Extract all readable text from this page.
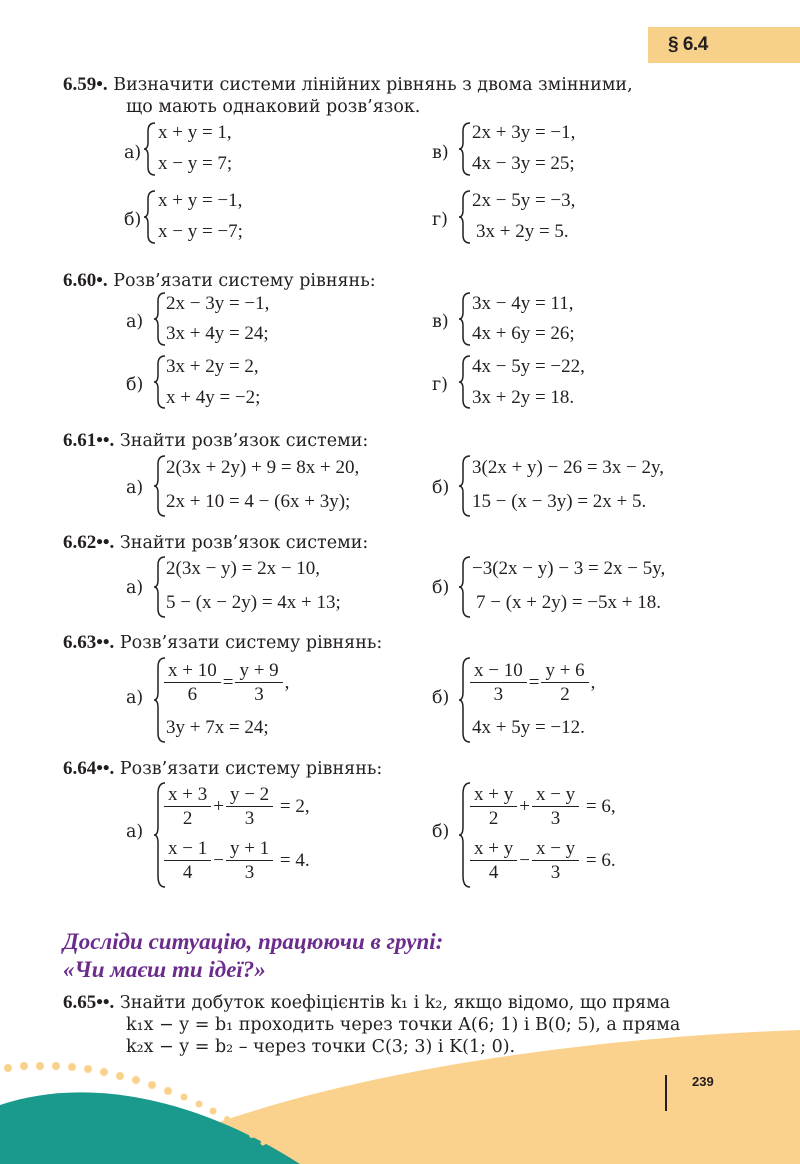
§ 6.4
6.59•. Визначити системи лінійних рівнянь з двома змінними,
що мають однаковий розв’язок.
а)
x + y = 1,
x − y = 7;	в)
2x + 3y = −1,
4x − 3y = 25;
б)
x + y = −1,
x − y = −7;
г)
2x − 5y = −3,
3x + 2y = 5.
6.60•. Розв’язати систему рівнянь:
а)
2x − 3y = −1,
3x + 4y = 24;
в)
3x − 4y = 11,
4x + 6y = 26;
б)
3x + 2y = 2,
x + 4y = −2;
г)
4x − 5y = −22,
3x + 2y = 18.
6.61••. Знайти розв’язок системи:
а)
2(3x + 2y) + 9 = 8x + 20,
2x + 10 = 4 − (6x + 3y);
б)
3(2x + y) − 26 = 3x − 2y,
15 − (x − 3y) = 2x + 5.
6.62••. Знайти розв’язок системи:
а)
2(3x − y) = 2x − 10,
5 − (x − 2y) = 4x + 13;
б)
−3(2x − y) − 3 = 2x − 5y,
7 − (x + 2y) = −5x + 18.
6.63••. Розв’язати систему рівнянь:
$а) \frac{x + 10}{6} = \frac{y + 9}{3}$ ,
3y + 7x = 24;
$б) \frac{x - 10}{3} = \frac{y + 6}{2}$ ,
4x + 5y = −12.
6.64••. Розв’язати систему рівнянь:
а)
$\frac{x + 3}{2} + \frac{y - 2}{3} = 2$,
$\frac{x - 1}{4} - \frac{y + 1}{3} = 4$.
б)
$\frac{x + y}{2} + \frac{x - y}{3} = 6$,
$\frac{x + y}{4} - \frac{x - y}{3} = 6$.
Досліди ситуацію, працюючи в групі:
«Чи маєш ти ідеї?»
6.65••. Знайти добуток коефіцієнтів k₁ і k₂, якщо відомо, що пряма
k₁x − y = b₁ проходить через точки A(6; 1) і B(0; 5), а пряма
k₂x − y = b₂ – через точки C(3; 3) і K(1; 0).
239
